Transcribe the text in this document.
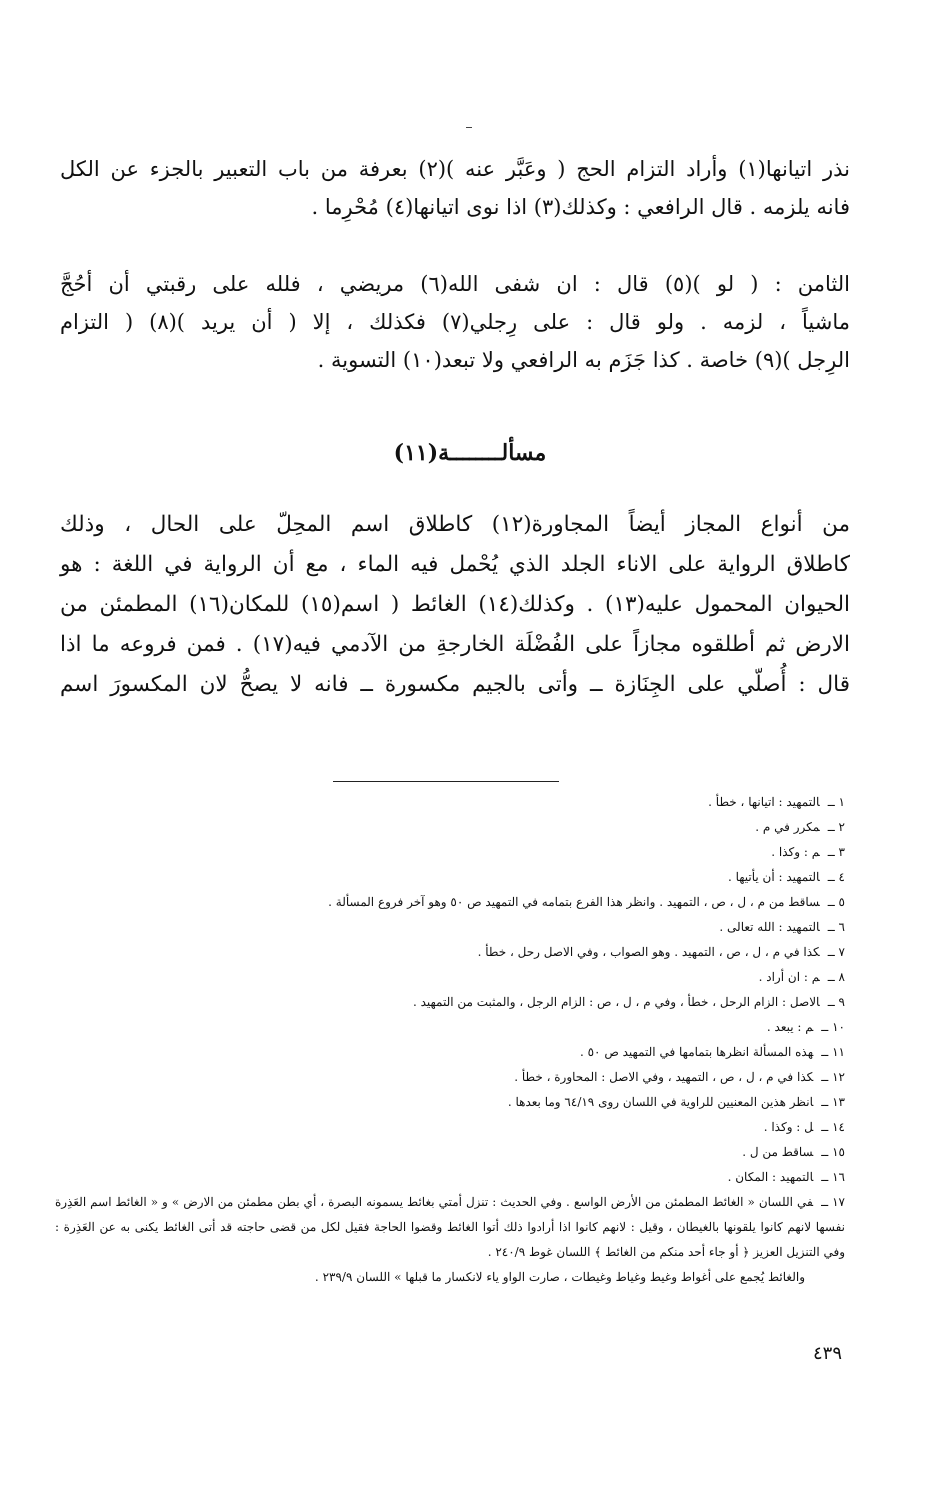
نذر اتيانها(١) وأراد التزام الحج ( وعَبَّر عنه )(٢) بعرفة من باب التعبير بالجزء عن الكل
فانه يلزمه . قال الرافعي : وكذلك(٣) اذا نوى اتيانها(٤) مُحْرِما .
الثامن : ( لو )(٥) قال : ان شفى الله(٦) مريضي ، فلله على رقبتي أن أحُجَّ
ماشياً ، لزمه . ولو قال : على رِجلي(٧) فكذلك ، إلا ( أن يريد )(٨) ( التزام
الرِجل )(٩) خاصة . كذا جَزَم به الرافعي ولا تبعد(١٠) التسوية .
مسألــــــــة(١١)
من أنواع المجاز أيضاً المجاورة(١٢) كاطلاق اسم المحِلّ على الحال ، وذلك
كاطلاق الرواية على الاناء الجلد الذي يُحْمل فيه الماء ، مع أن الرواية في اللغة : هو
الحيوان المحمول عليه(١٣) . وكذلك(١٤) الغائط ( اسم(١٥) للمكان(١٦) المطمئن من
الارض ثم أطلقوه مجازاً على الفُضْلَة الخارجةِ من الآدمي فيه(١٧) . فمن فروعه ما اذا
قال : أُصلّي على الجِنَازة ــ وأتى بالجيم مكسورة ــ فانه لا يصحُّ لان المكسورَ اسم
١ ــالتمهيد : اتيانها ، خطأ .
٢ ــمكرر في م .
٣ ــم : وكذا .
٤ ــالتمهيد : أن يأتيها .
٥ ــساقط من م ، ل ، ص ، التمهيد . وانظر هذا الفرع بتمامه في التمهيد ص ٥٠ وهو آخر فروع المسألة .
٦ ــالتمهيد : الله تعالى .
٧ ــكذا في م ، ل ، ص ، التمهيد . وهو الصواب ، وفي الاصل رحل ، خطأ .
٨ ــم : ان أراد .
٩ ــالاصل : الزام الرحل ، خطأ ، وفي م ، ل ، ص : الزام الرجل ، والمثبت من التمهيد .
١٠ ــم : يبعد .
١١ ــهذه المسألة انظرها بتمامها في التمهيد ص ٥٠ .
١٢ ــكذا في م ، ل ، ص ، التمهيد ، وفي الاصل : المحاورة ، خطأ .
١٣ ــانظر هذين المعنيين للراوية في اللسان روى ٦٤/١٩ وما بعدها .
١٤ ــل : وكذا .
١٥ ــساقط من ل .
١٦ ــالتمهيد : المكان .
١٧ ــفي اللسان « الغائط المطمئن من الأرض الواسع . وفي الحديث : تنزل أمتي بغائط يسمونه البصرة ، أي بطن مطمئن من الارض » و « الغائط اسم العَذِرة نفسها لانهم كانوا يلقونها بالغيطان ، وقيل : لانهم كانوا اذا أرادوا ذلك أتوا الغائط وقضوا الحاجة فقيل لكل من قضى حاجته قد أتى الغائط يكنى به عن العَذِرة : وفي التنزيل العزيز ﴿ أو جاء أحد منكم من الغائط ﴾ اللسان غوط ٢٤٠/٩ .
والغائط يُجمع على أغواط وغيط وغياط وغيطات ، صارت الواو ياء لانكسار ما قبلها » اللسان ٢٣٩/٩ .
٤٣٩
